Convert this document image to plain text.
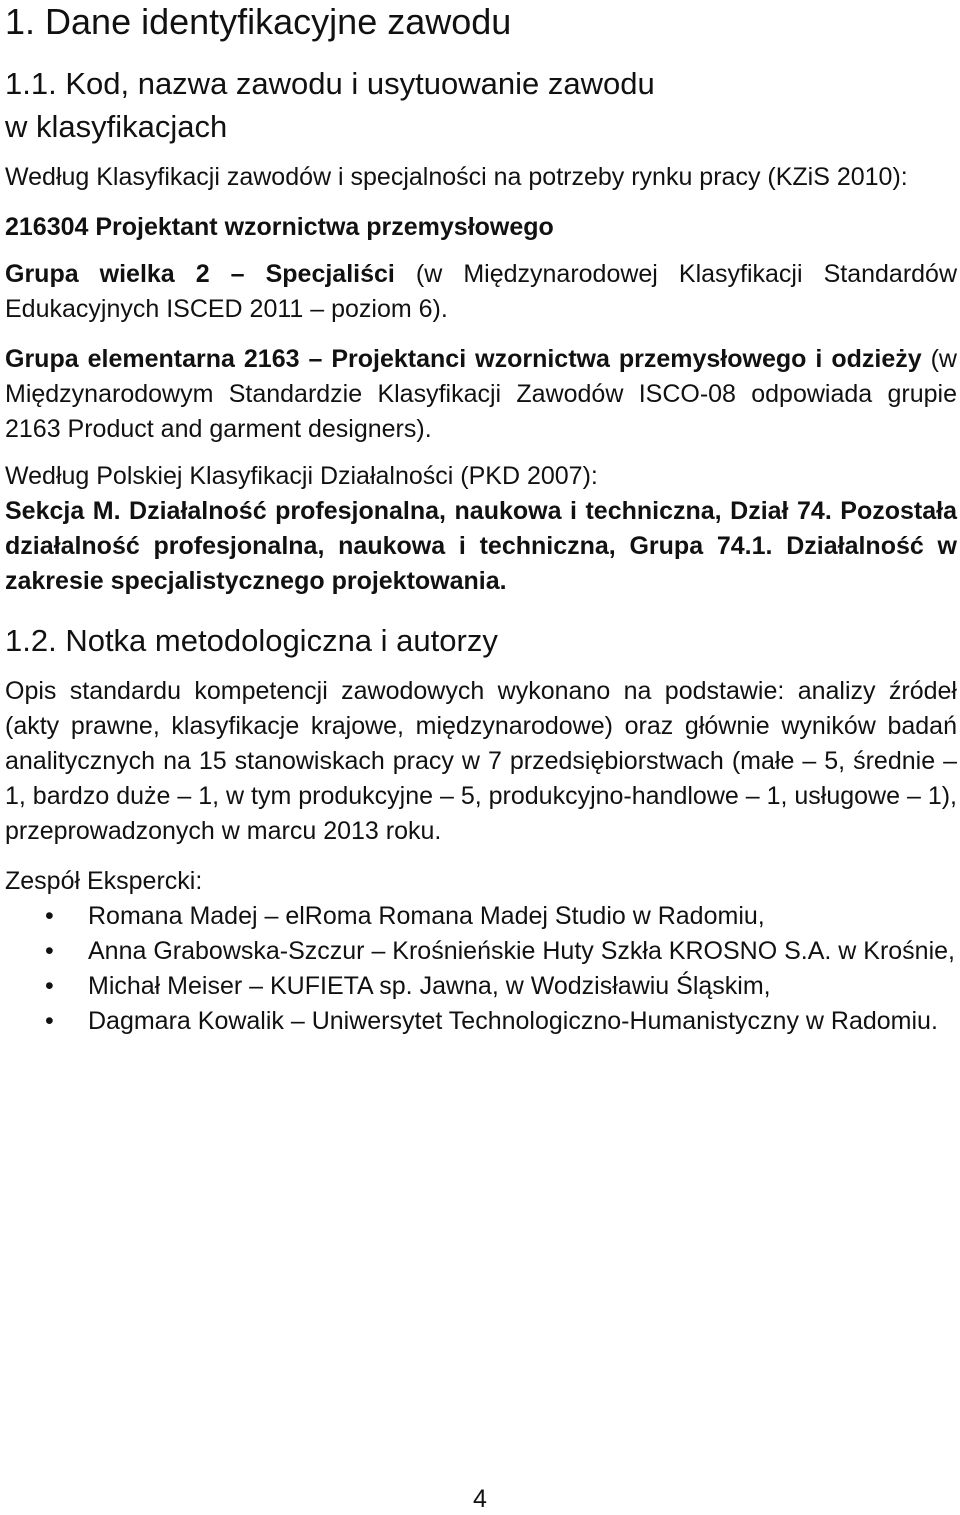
1. Dane identyfikacyjne zawodu
1.1. Kod, nazwa zawodu i usytuowanie zawodu
w klasyfikacjach

Według Klasyfikacji zawodów i specjalności na potrzeby rynku pracy (KZiS 2010):

216304 Projektant wzornictwa przemysłowego

Grupa wielka 2 – Specjaliści (w Międzynarodowej Klasyfikacji Standardów Edukacyjnych ISCED 2011 – poziom 6).

Grupa elementarna 2163 – Projektanci wzornictwa przemysłowego i odzieży (w Międzynarodowym Standardzie Klasyfikacji Zawodów ISCO-08 odpowiada grupie 2163 Product and garment designers).

Według Polskiej Klasyfikacji Działalności (PKD 2007):

Sekcja M. Działalność profesjonalna, naukowa i techniczna, Dział 74. Pozostała działalność profesjonalna, naukowa i techniczna, Grupa 74.1. Działalność w zakresie specjalistycznego projektowania.

1.2. Notka metodologiczna i autorzy

Opis standardu kompetencji zawodowych wykonano na podstawie: analizy źródeł (akty prawne, klasyfikacje krajowe, międzynarodowe) oraz głównie wyników badań analitycznych na 15 stanowiskach pracy w 7 przedsiębiorstwach (małe – 5, średnie – 1, bardzo duże – 1, w tym produkcyjne – 5, produkcyjno-handlowe – 1, usługowe – 1), przeprowadzonych w marcu 2013 roku.

Zespół Ekspercki:

• Romana Madej – elRoma Romana Madej Studio w Radomiu,
• Anna Grabowska-Szczur – Krośnieńskie Huty Szkła KROSNO S.A. w Krośnie,
• Michał Meiser – KUFIETA sp. Jawna, w Wodzisławiu Śląskim,
• Dagmara Kowalik – Uniwersytet Technologiczno-Humanistyczny w Radomiu.
4
